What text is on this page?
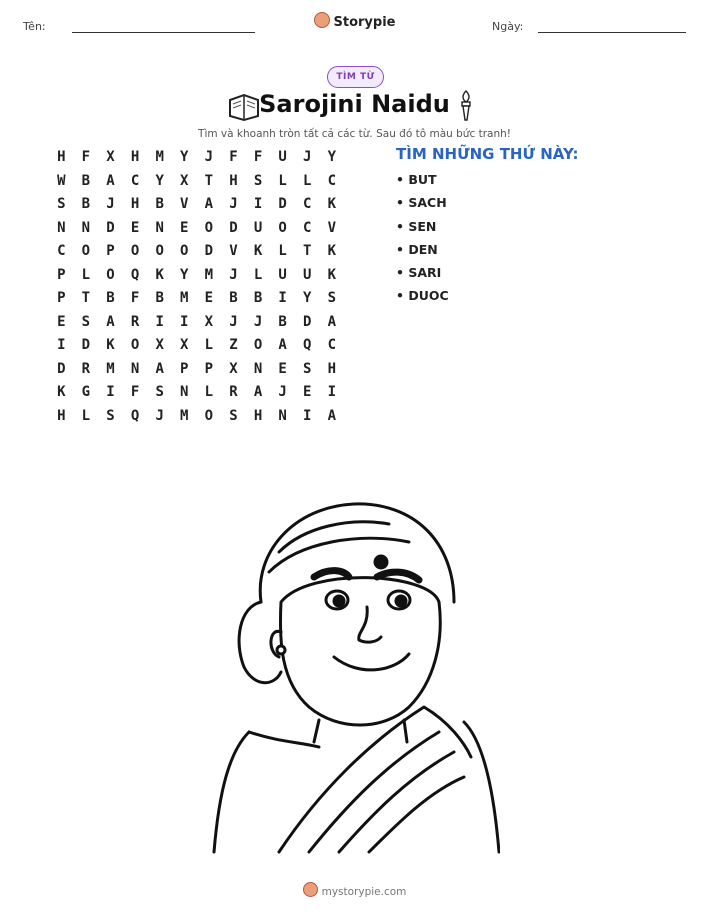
Tên:	Storypie	Ngày:
TÌM TỪ
Sarojini Naidu
Tìm và khoanh tròn tất cả các từ. Sau đó tô màu bức tranh!
H	F	X	H	M	Y	J	F	F	U	J	Y
W	B	A	C	Y	X	T	H	S	L	L	C
S	B	J	H	B	V	A	J	I	D	C	K
N	N	D	E	N	E	O	D	U	O	C	V
C	O	P	O	O	O	D	V	K	L	T	K
P	L	O	Q	K	Y	M	J	L	U	U	K
P	T	B	F	B	M	E	B	B	I	Y	S
E	S	A	R	I	I	X	J	J	B	D	A
I	D	K	O	X	X	L	Z	O	A	Q	C
D	R	M	N	A	P	P	X	N	E	S	H
K	G	I	F	S	N	L	R	A	J	E	I
H	L	S	Q	J	M	O	S	H	N	I	A
TÌM NHỮNG THỨ NÀY:
• BUT
• SACH
• SEN
• DEN
• SARI
• DUOC
mystorypie.com
